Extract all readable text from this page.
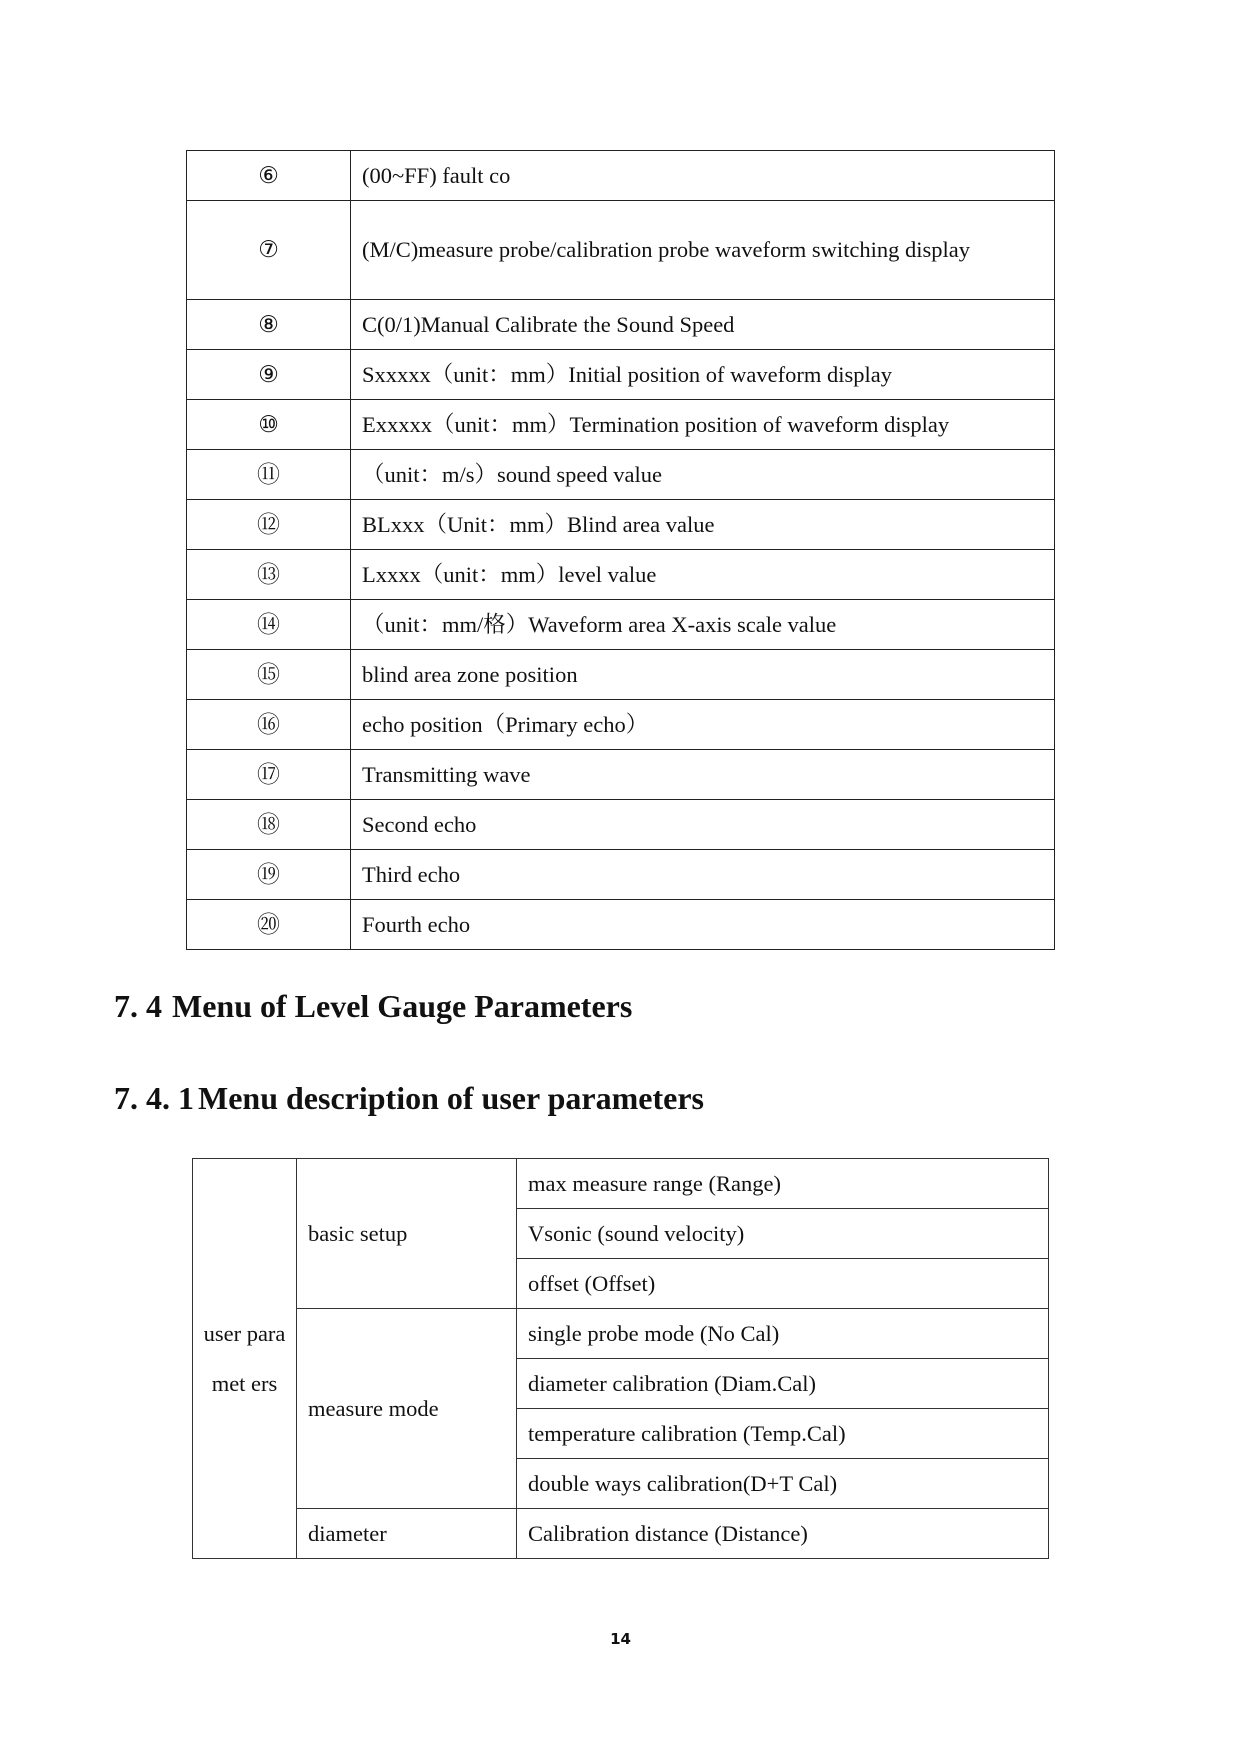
⑥	(00~FF) fault co
⑦	(M/C)measure probe/calibration probe waveform switching display
⑧	C(0/1)Manual Calibrate the Sound Speed
⑨	Sxxxxx（unit：mm）Initial position of waveform display
⑩	Exxxxx（unit：mm）Termination position of waveform display
⑪	（unit：m/s）sound speed value
⑫	BLxxx（Unit：mm）Blind area value
⑬	Lxxxx（unit：mm）level value
⑭	（unit：mm/格）Waveform area X-axis scale value
⑮	blind area zone position
⑯	echo position（Primary echo）
⑰	Transmitting wave
⑱	Second echo
⑲	Third echo
⑳	Fourth echo
7. 4 Menu of Level Gauge Parameters
7. 4. 1 Menu description of user parameters
user paramet ers	basic setup	max measure range (Range)
		Vsonic (sound velocity)
		offset (Offset)
	measure mode	single probe mode (No Cal)
		diameter calibration (Diam.Cal)
		temperature calibration (Temp.Cal)
		double ways calibration(D+T Cal)
	diameter	Calibration distance (Distance)
14
